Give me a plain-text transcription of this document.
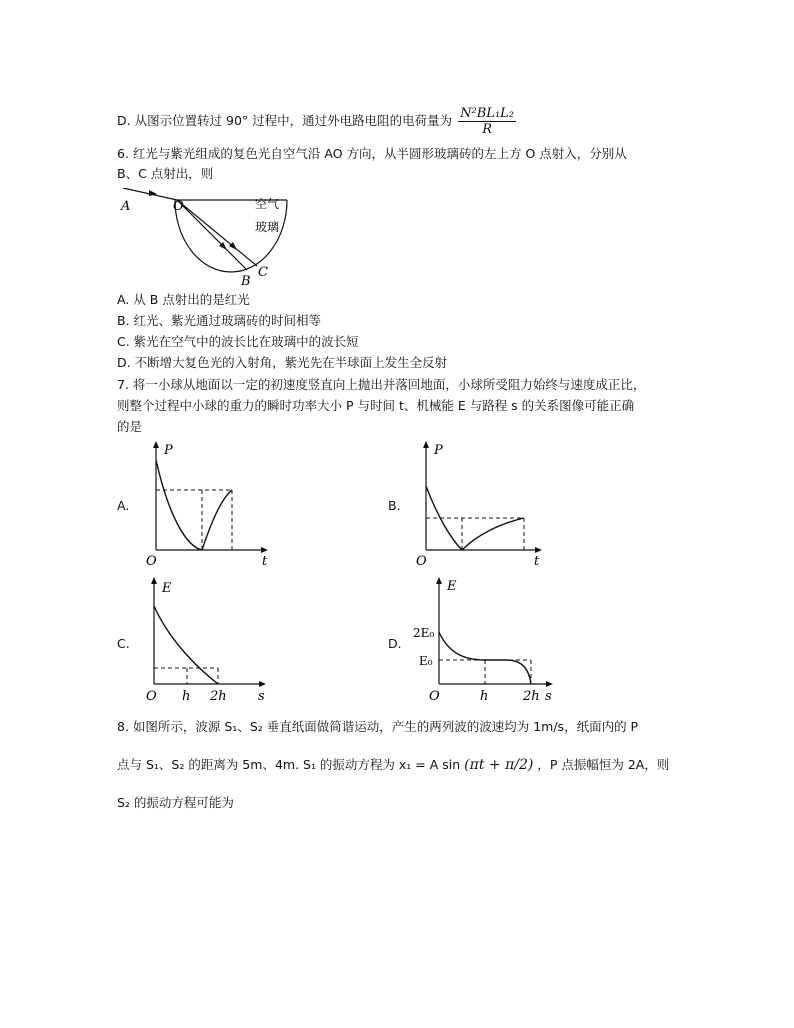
D. 从图示位置转过 90° 过程中，通过外电路电阻的电荷量为 $\frac{\text{N²BL₁L₂}}{R}$
6. 红光与紫光组成的复色光自空气沿 AO 方向，从半圆形玻璃砖的左上方 O 点射入，分别从
B、C 点射出，则
A	O
B
C
空气
玻璃
A. 从 B 点射出的是红光
B. 红光、紫光通过玻璃砖的时间相等
C. 紫光在空气中的波长比在玻璃中的波长短
D. 不断增大复色光的入射角，紫光先在半球面上发生全反射
7. 将一小球从地面以一定的初速度竖直向上抛出并落回地面，小球所受阻力始终与速度成正比，
则整个过程中小球的重力的瞬时功率大小 P 与时间 t、机械能 E 与路程 s 的关系图像可能正确
的是
A.
P
t
O
B.
P
t
O
C.
E
s
O h 2h
D.
E
s
O	h	2h
2E₀
E₀
8. 如图所示，波源 S₁、S₂ 垂直纸面做简谐运动，产生的两列波的波速均为 1m/s，纸面内的 P
点与 S₁、S₂ 的距离为 5m、4m. S₁ 的振动方程为 x₁ = A sin (πt + π/2) ，P 点振幅恒为 2A，则
S₂ 的振动方程可能为
